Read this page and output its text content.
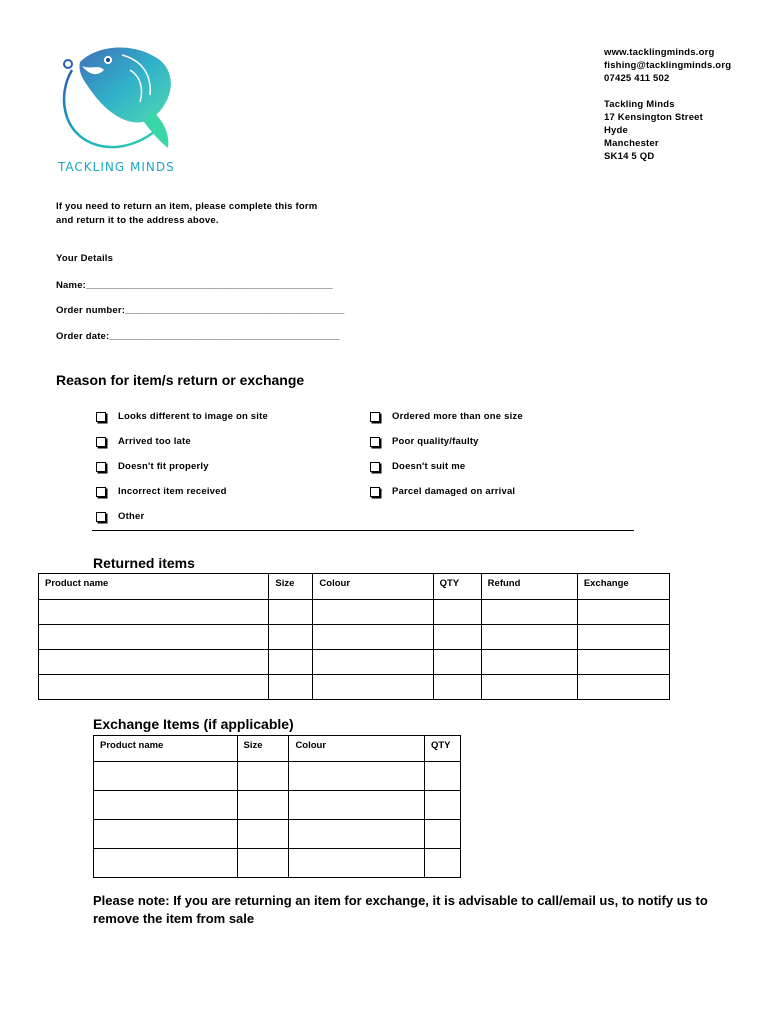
TACKLING MINDS
www.tacklingminds.org
fishing@tacklingminds.org
07425 411 502
Tackling Minds
17 Kensington Street
Hyde
Manchester
SK14 5 QD
If you need to return an item, please complete this form and return it to the address above.
Your Details
Name:_____________________________________________
Order number:________________________________________
Order date:__________________________________________
Reason for item/s return or exchange
Looks different to image on site
Arrived too late
Doesn't fit properly
Incorrect item received
Other
Ordered more than one size
Poor quality/faulty
Doesn't suit me
Parcel damaged on arrival
Returned items
Product name	Size	Colour	QTY	Refund	Exchange

Exchange Items (if applicable)
Product name	Size	Colour	QTY

Please note: If you are returning an item for exchange, it is advisable to call/email us, to notify us to remove the item from sale
